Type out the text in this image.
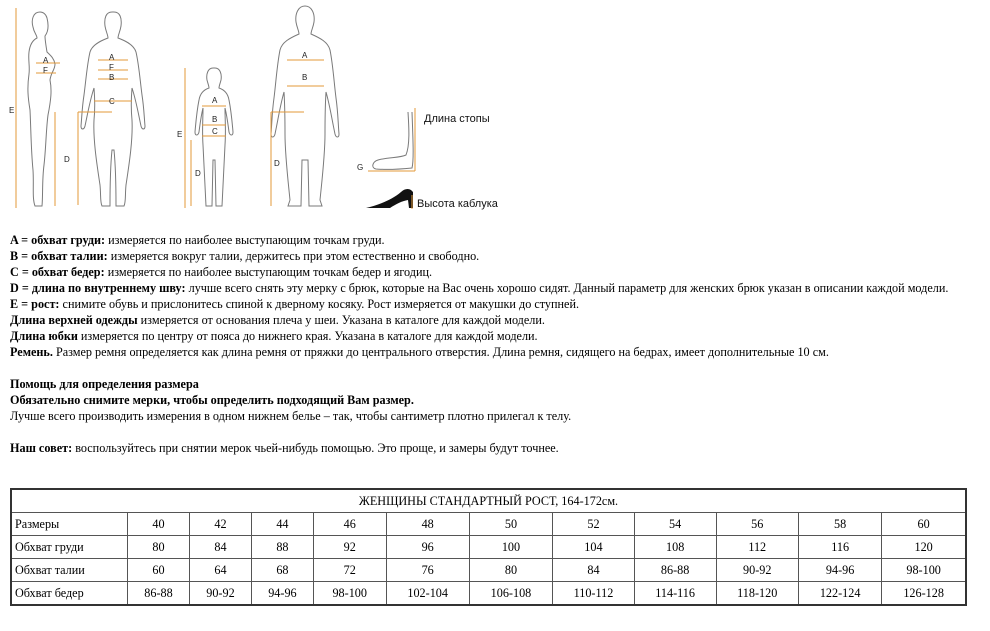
A
F
E
D
A
F
B
C	A
B
C
E
D
A
B
D	G
Длина стопы
Высота каблука

A = обхват груди: измеряется по наиболее выступающим точкам груди.

B = обхват талии: измеряется вокруг талии, держитесь при этом естественно и свободно.

C = обхват бедер: измеряется по наиболее выступающим точкам бедер и ягодиц.

D = длина по внутреннему шву: лучше всего снять эту мерку с брюк, которые на Вас очень хорошо сидят. Данный параметр для женских брюк указан в описании каждой модели.

E = рост: снимите обувь и прислонитесь спиной к дверному косяку. Рост измеряется от макушки до ступней.

Длина верхней одежды измеряется от основания плеча у шеи. Указана в каталоге для каждой модели.

Длина юбки измеряется по центру от пояса до нижнего края. Указана в каталоге для каждой модели.

Ремень. Размер ремня определяется как длина ремня от пряжки до центрального отверстия. Длина ремня, сидящего на бедрах, имеет дополнительные 10 см.

Помощь для определения размера

Обязательно снимите мерки, чтобы определить подходящий Вам размер.

Лучше всего производить измерения в одном нижнем белье – так, чтобы сантиметр плотно прилегал к телу.

Наш совет: воспользуйтесь при снятии мерок чьей-нибудь помощью. Это проще, и замеры будут точнее.

ЖЕНЩИНЫ СТАНДАРТНЫЙ РОСТ, 164-172см.											
Размеры	40	42	44	46	48	50	52	54	56	58	60
Обхват груди	80	84	88	92	96	100	104	108	112	116	120
Обхват талии	60	64	68	72	76	80	84	86-88	90-92	94-96	98-100
Обхват бедер	86-88	90-92	94-96	98-100	102-104	106-108	110-112	114-116	118-120	122-124	126-128
